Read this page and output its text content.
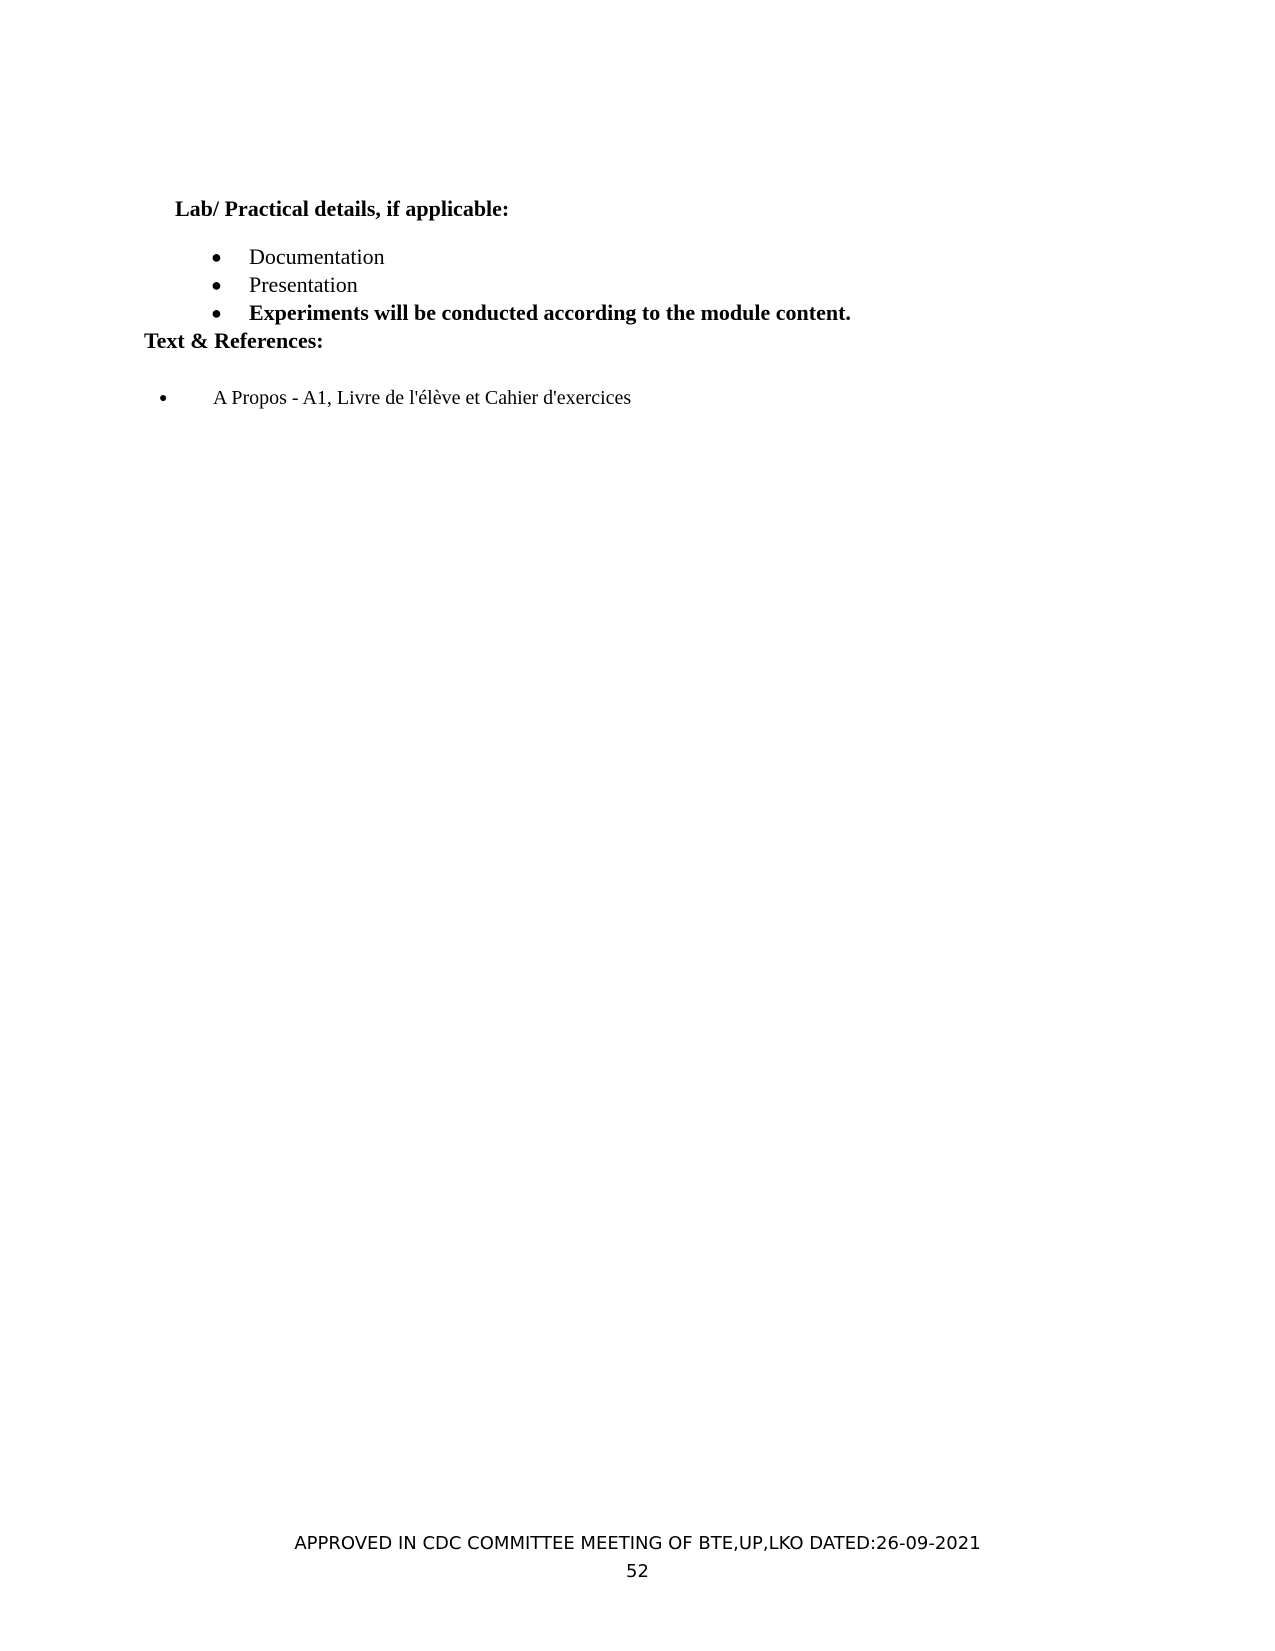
Lab/ Practical details, if applicable:
● Documentation
● Presentation
● Experiments will be conducted according to the module content.
Text & References:
● A Propos - A1, Livre de l'élève et Cahier d'exercices
APPROVED IN CDC COMMITTEE MEETING OF BTE,UP,LKO DATED:26-09-2021
52
